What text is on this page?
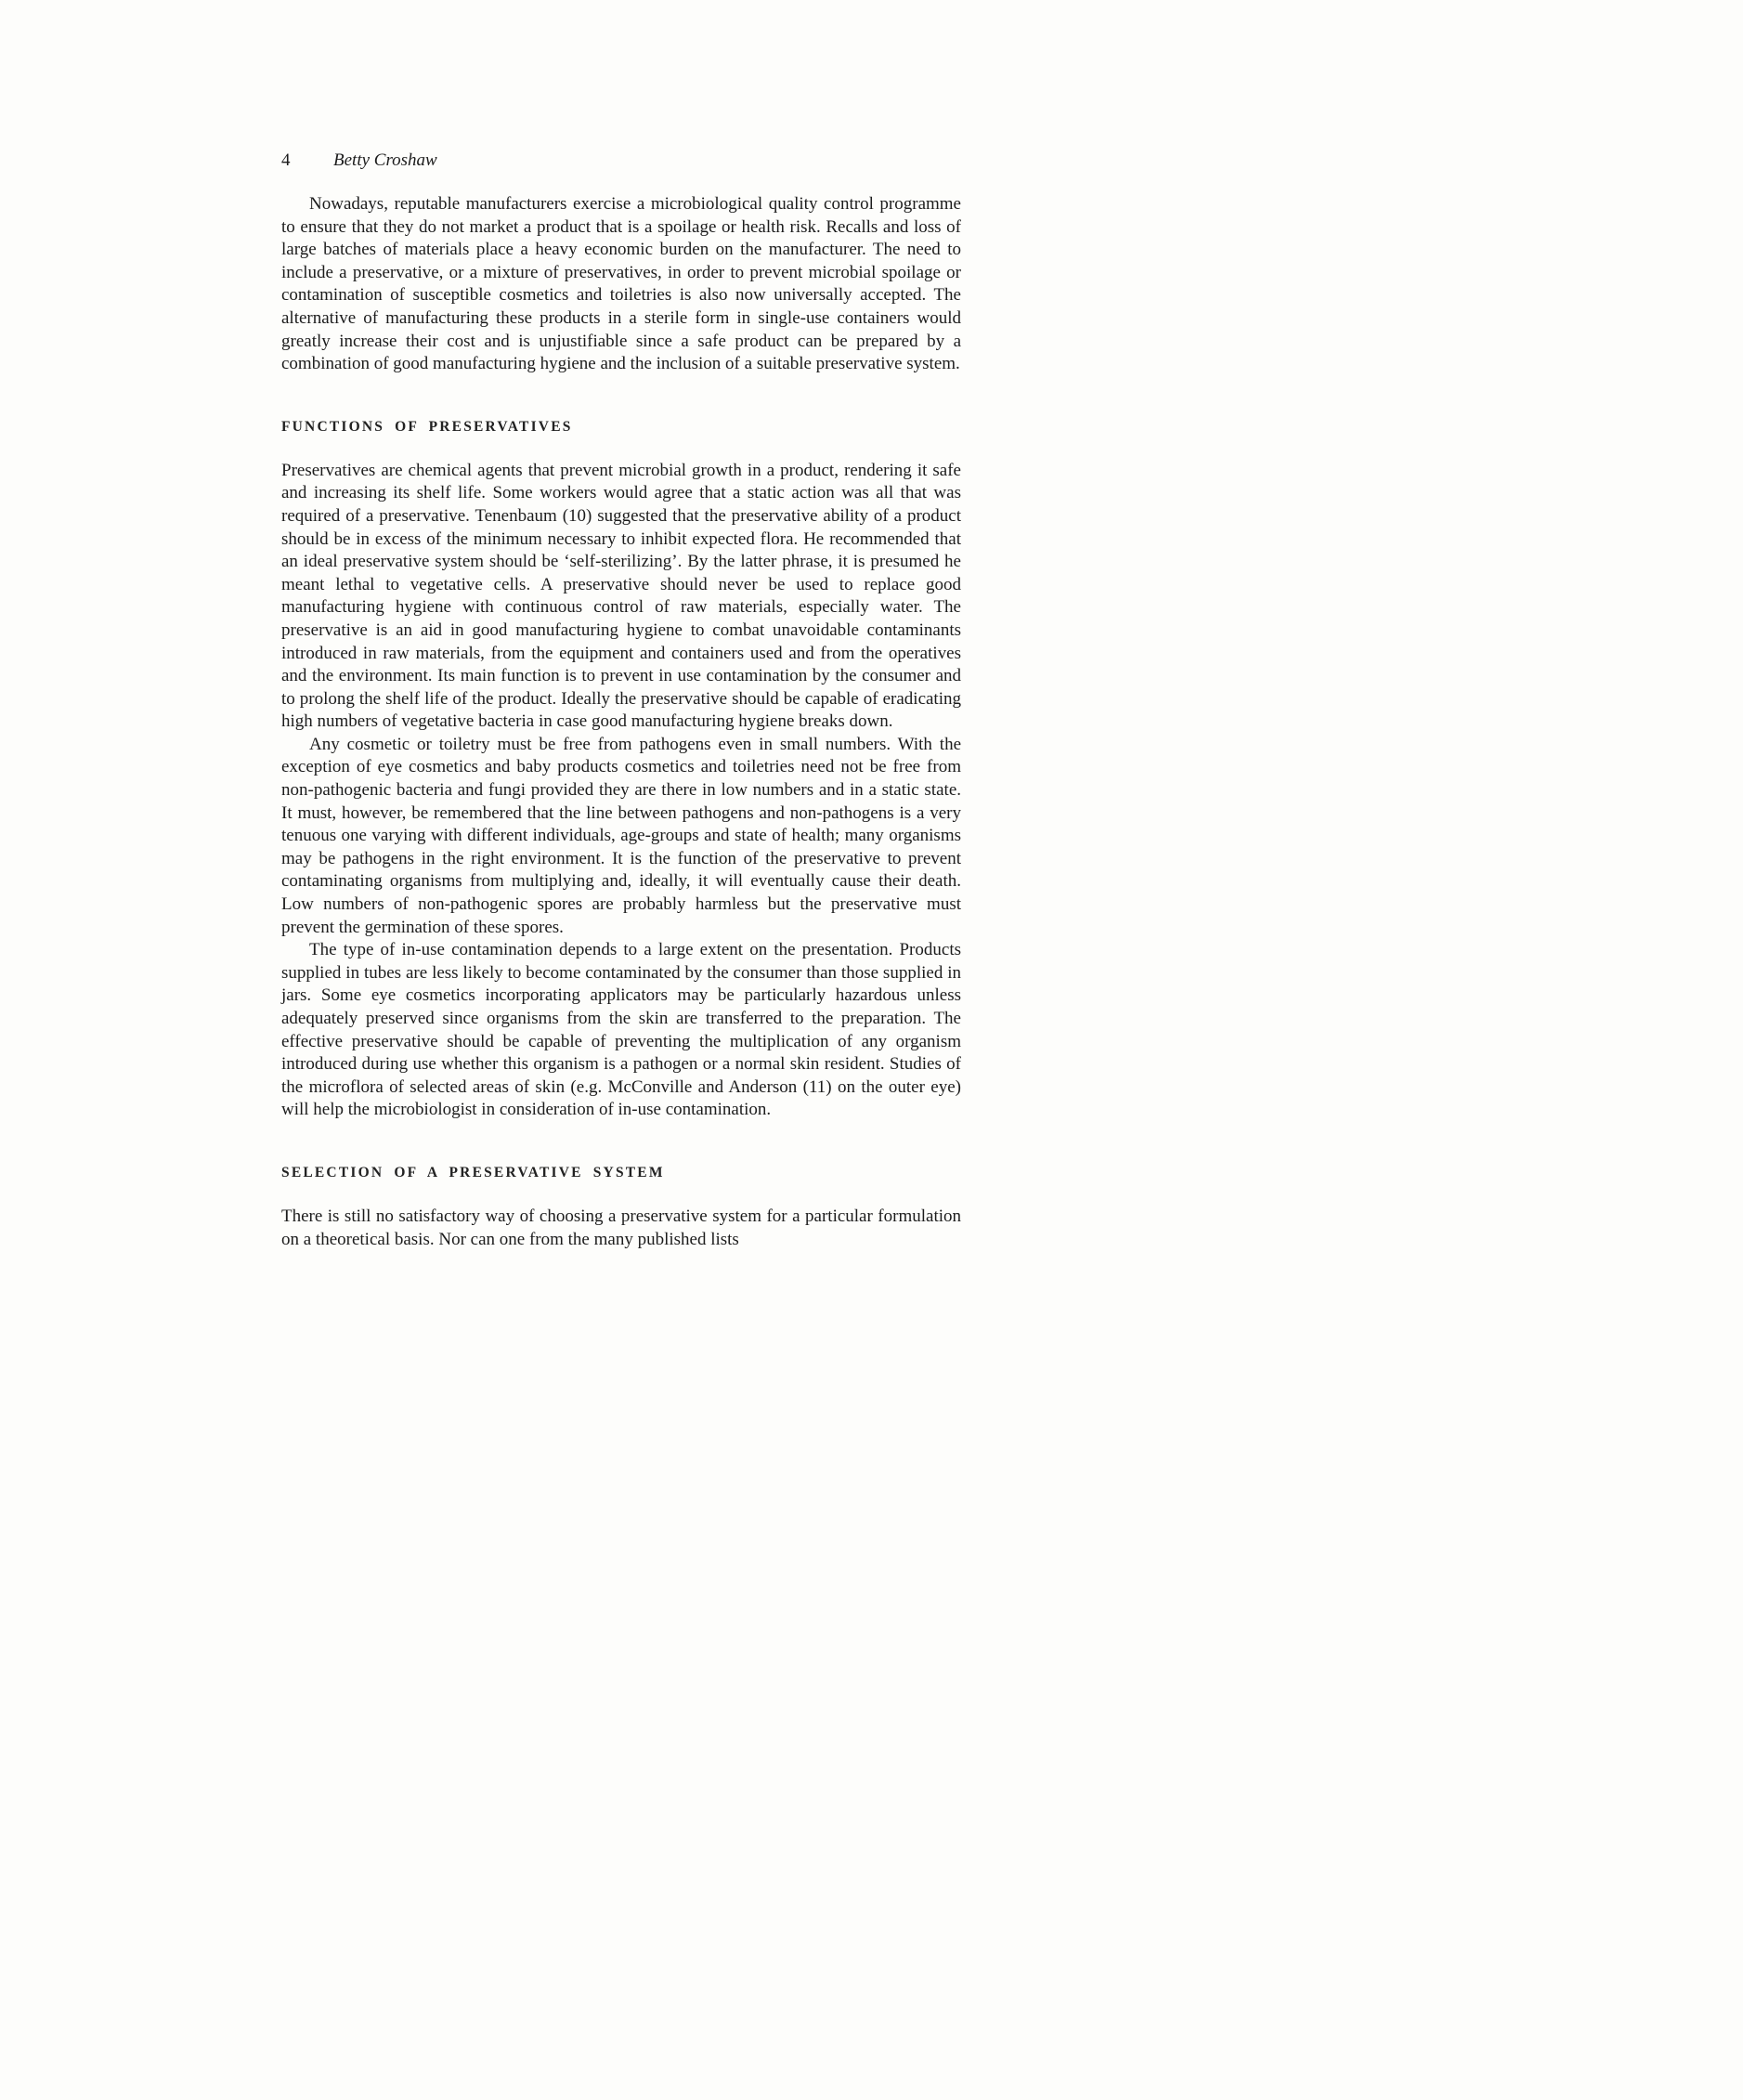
4	Betty Croshaw

Nowadays, reputable manufacturers exercise a microbiological quality control programme to ensure that they do not market a product that is a spoilage or health risk. Recalls and loss of large batches of materials place a heavy economic burden on the manufacturer. The need to include a preservative, or a mixture of preservatives, in order to prevent microbial spoilage or contamination of susceptible cosmetics and toiletries is also now universally accepted. The alternative of manufacturing these products in a sterile form in single-use containers would greatly increase their cost and is unjustifiable since a safe product can be prepared by a combination of good manufacturing hygiene and the inclusion of a suitable preservative system.

FUNCTIONS OF PRESERVATIVES

Preservatives are chemical agents that prevent microbial growth in a product, rendering it safe and increasing its shelf life. Some workers would agree that a static action was all that was required of a preservative. Tenenbaum (10) suggested that the preservative ability of a product should be in excess of the minimum necessary to inhibit expected flora. He recommended that an ideal preservative system should be ‘self-sterilizing’. By the latter phrase, it is presumed he meant lethal to vegetative cells. A preservative should never be used to replace good manufacturing hygiene with continuous control of raw materials, especially water. The preservative is an aid in good manufacturing hygiene to combat unavoidable contaminants introduced in raw materials, from the equipment and containers used and from the operatives and the environment. Its main function is to prevent in use contamination by the consumer and to prolong the shelf life of the product. Ideally the preservative should be capable of eradicating high numbers of vegetative bacteria in case good manufacturing hygiene breaks down.

Any cosmetic or toiletry must be free from pathogens even in small numbers. With the exception of eye cosmetics and baby products cosmetics and toiletries need not be free from non-pathogenic bacteria and fungi provided they are there in low numbers and in a static state. It must, however, be remembered that the line between pathogens and non-pathogens is a very tenuous one varying with different individuals, age-groups and state of health; many organisms may be pathogens in the right environment. It is the function of the preservative to prevent contaminating organisms from multiplying and, ideally, it will eventually cause their death. Low numbers of non-pathogenic spores are probably harmless but the preservative must prevent the germination of these spores.

The type of in-use contamination depends to a large extent on the presentation. Products supplied in tubes are less likely to become contaminated by the consumer than those supplied in jars. Some eye cosmetics incorporating applicators may be particularly hazardous unless adequately preserved since organisms from the skin are transferred to the preparation. The effective preservative should be capable of preventing the multiplication of any organism introduced during use whether this organism is a pathogen or a normal skin resident. Studies of the microflora of selected areas of skin (e.g. McConville and Anderson (11) on the outer eye) will help the microbiologist in consideration of in-use contamination.

SELECTION OF A PRESERVATIVE SYSTEM

There is still no satisfactory way of choosing a preservative system for a particular formulation on a theoretical basis. Nor can one from the many published lists
